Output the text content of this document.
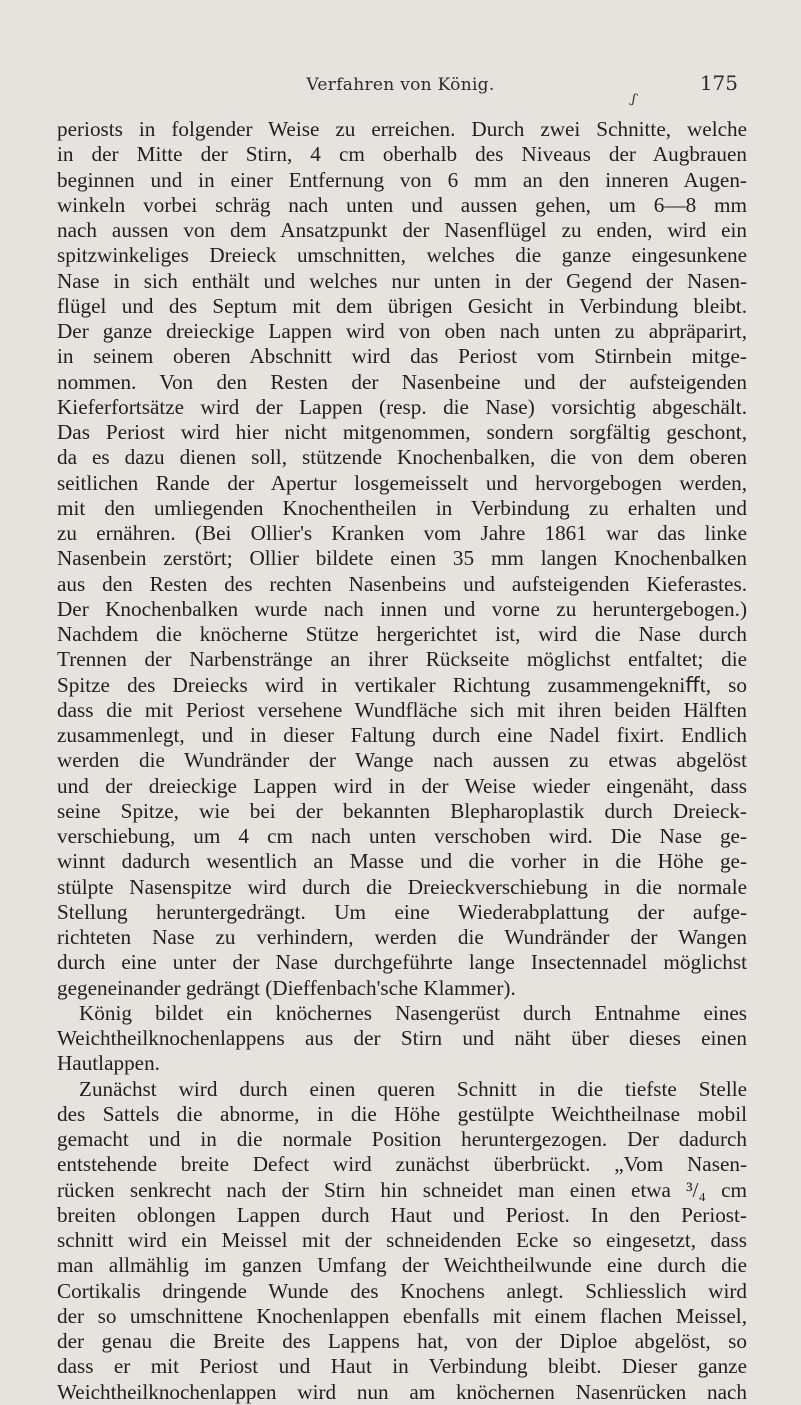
Verfahren von König.	175
ʃ
periosts in folgender Weise zu erreichen. Durch zwei Schnitte, welche
in der Mitte der Stirn, 4 cm oberhalb des Niveaus der Augbrauen
beginnen und in einer Entfernung von 6 mm an den inneren Augen-
winkeln vorbei schräg nach unten und aussen gehen, um 6—8 mm
nach aussen von dem Ansatzpunkt der Nasenflügel zu enden, wird ein
spitzwinkeliges Dreieck umschnitten, welches die ganze eingesunkene
Nase in sich enthält und welches nur unten in der Gegend der Nasen-
flügel und des Septum mit dem übrigen Gesicht in Verbindung bleibt.
Der ganze dreieckige Lappen wird von oben nach unten zu abpräparirt,
in seinem oberen Abschnitt wird das Periost vom Stirnbein mitge-
nommen. Von den Resten der Nasenbeine und der aufsteigenden
Kieferfortsätze wird der Lappen (resp. die Nase) vorsichtig abgeschält.
Das Periost wird hier nicht mitgenommen, sondern sorgfältig geschont,
da es dazu dienen soll, stützende Knochenbalken, die von dem oberen
seitlichen Rande der Apertur losgemeisselt und hervorgebogen werden,
mit den umliegenden Knochentheilen in Verbindung zu erhalten und
zu ernähren. (Bei Ollier's Kranken vom Jahre 1861 war das linke
Nasenbein zerstört; Ollier bildete einen 35 mm langen Knochenbalken
aus den Resten des rechten Nasenbeins und aufsteigenden Kieferastes.
Der Knochenbalken wurde nach innen und vorne zu heruntergebogen.)
Nachdem die knöcherne Stütze hergerichtet ist, wird die Nase durch
Trennen der Narbenstränge an ihrer Rückseite möglichst entfaltet; die
Spitze des Dreiecks wird in vertikaler Richtung zusammengekniﬀt, so
dass die mit Periost versehene Wundfläche sich mit ihren beiden Hälften
zusammenlegt, und in dieser Faltung durch eine Nadel fixirt. Endlich
werden die Wundränder der Wange nach aussen zu etwas abgelöst
und der dreieckige Lappen wird in der Weise wieder eingenäht, dass
seine Spitze, wie bei der bekannten Blepharoplastik durch Dreieck-
verschiebung, um 4 cm nach unten verschoben wird. Die Nase ge-
winnt dadurch wesentlich an Masse und die vorher in die Höhe ge-
stülpte Nasenspitze wird durch die Dreieckverschiebung in die normale
Stellung heruntergedrängt. Um eine Wiederabplattung der aufge-
richteten Nase zu verhindern, werden die Wundränder der Wangen
durch eine unter der Nase durchgeführte lange Insectennadel möglichst
gegeneinander gedrängt (Dieffenbach'sche Klammer).
König bildet ein knöchernes Nasengerüst durch Entnahme eines
Weichtheilknochenlappens aus der Stirn und näht über dieses einen
Hautlappen.
Zunächst wird durch einen queren Schnitt in die tiefste Stelle
des Sattels die abnorme, in die Höhe gestülpte Weichtheilnase mobil
gemacht und in die normale Position heruntergezogen. Der dadurch
entstehende breite Defect wird zunächst überbrückt. „Vom Nasen-
rücken senkrecht nach der Stirn hin schneidet man einen etwa ³/₄ cm
breiten oblongen Lappen durch Haut und Periost. In den Periost-
schnitt wird ein Meissel mit der schneidenden Ecke so eingesetzt, dass
man allmählig im ganzen Umfang der Weichtheilwunde eine durch die
Cortikalis dringende Wunde des Knochens anlegt. Schliesslich wird
der so umschnittene Knochenlappen ebenfalls mit einem flachen Meissel,
der genau die Breite des Lappens hat, von der Diploe abgelöst, so
dass er mit Periost und Haut in Verbindung bleibt. Dieser ganze
Weichtheilknochenlappen wird nun am knöchernen Nasenrücken nach
